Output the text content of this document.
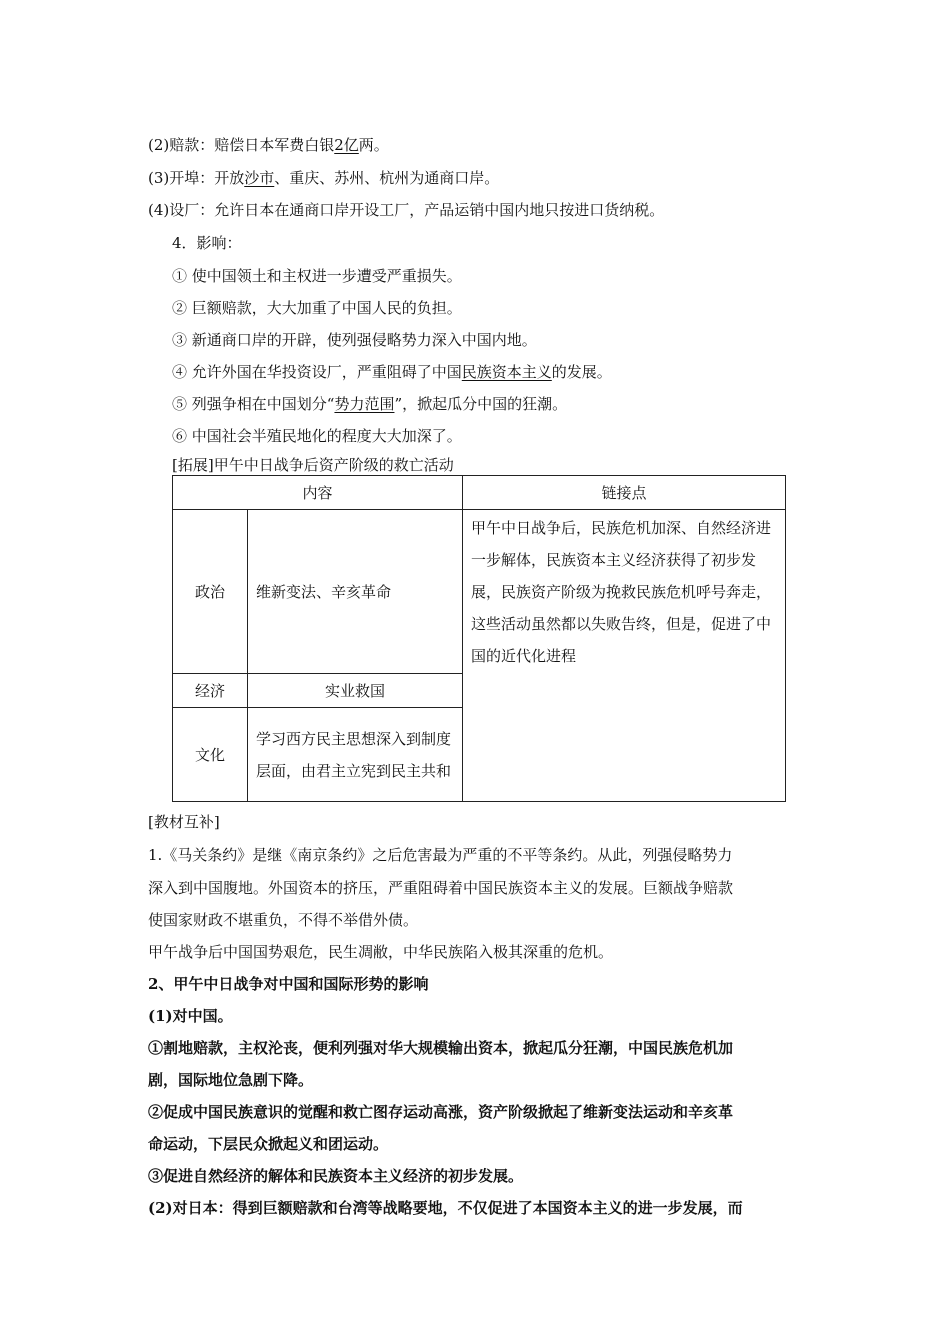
(2)赔款：赔偿日本军费白银2亿两。
(3)开埠：开放沙市、重庆、苏州、杭州为通商口岸。
(4)设厂：允许日本在通商口岸开设工厂，产品运销中国内地只按进口货纳税。
4．影响：
① 使中国领土和主权进一步遭受严重损失。
② 巨额赔款，大大加重了中国人民的负担。
③ 新通商口岸的开辟，使列强侵略势力深入中国内地。
④ 允许外国在华投资设厂，严重阻碍了中国民族资本主义的发展。
⑤ 列强争相在中国划分“势力范围”，掀起瓜分中国的狂潮。
⑥ 中国社会半殖民地化的程度大大加深了。
[拓展]甲午中日战争后资产阶级的救亡活动
内容		链接点
政治	维新变法、辛亥革命	甲午中日战争后，民族危机加深、自然经济进一步解体，民族资本主义经济获得了初步发展，民族资产阶级为挽救民族危机呼号奔走，这些活动虽然都以失败告终，但是，促进了中国的近代化进程
经济	实业救国	
文化	学习西方民主思想深入到制度层面，由君主立宪到民主共和	
[教材互补]
1.《马关条约》是继《南京条约》之后危害最为严重的不平等条约。从此，列强侵略势力
深入到中国腹地。外国资本的挤压，严重阻碍着中国民族资本主义的发展。巨额战争赔款
使国家财政不堪重负，不得不举借外债。
甲午战争后中国国势艰危，民生凋敝，中华民族陷入极其深重的危机。
2、甲午中日战争对中国和国际形势的影响
(1)对中国。
①割地赔款，主权沦丧，便利列强对华大规模输出资本，掀起瓜分狂潮，中国民族危机加
剧，国际地位急剧下降。
②促成中国民族意识的觉醒和救亡图存运动高涨，资产阶级掀起了维新变法运动和辛亥革
命运动，下层民众掀起义和团运动。
③促进自然经济的解体和民族资本主义经济的初步发展。
(2)对日本：得到巨额赔款和台湾等战略要地，不仅促进了本国资本主义的进一步发展，而
